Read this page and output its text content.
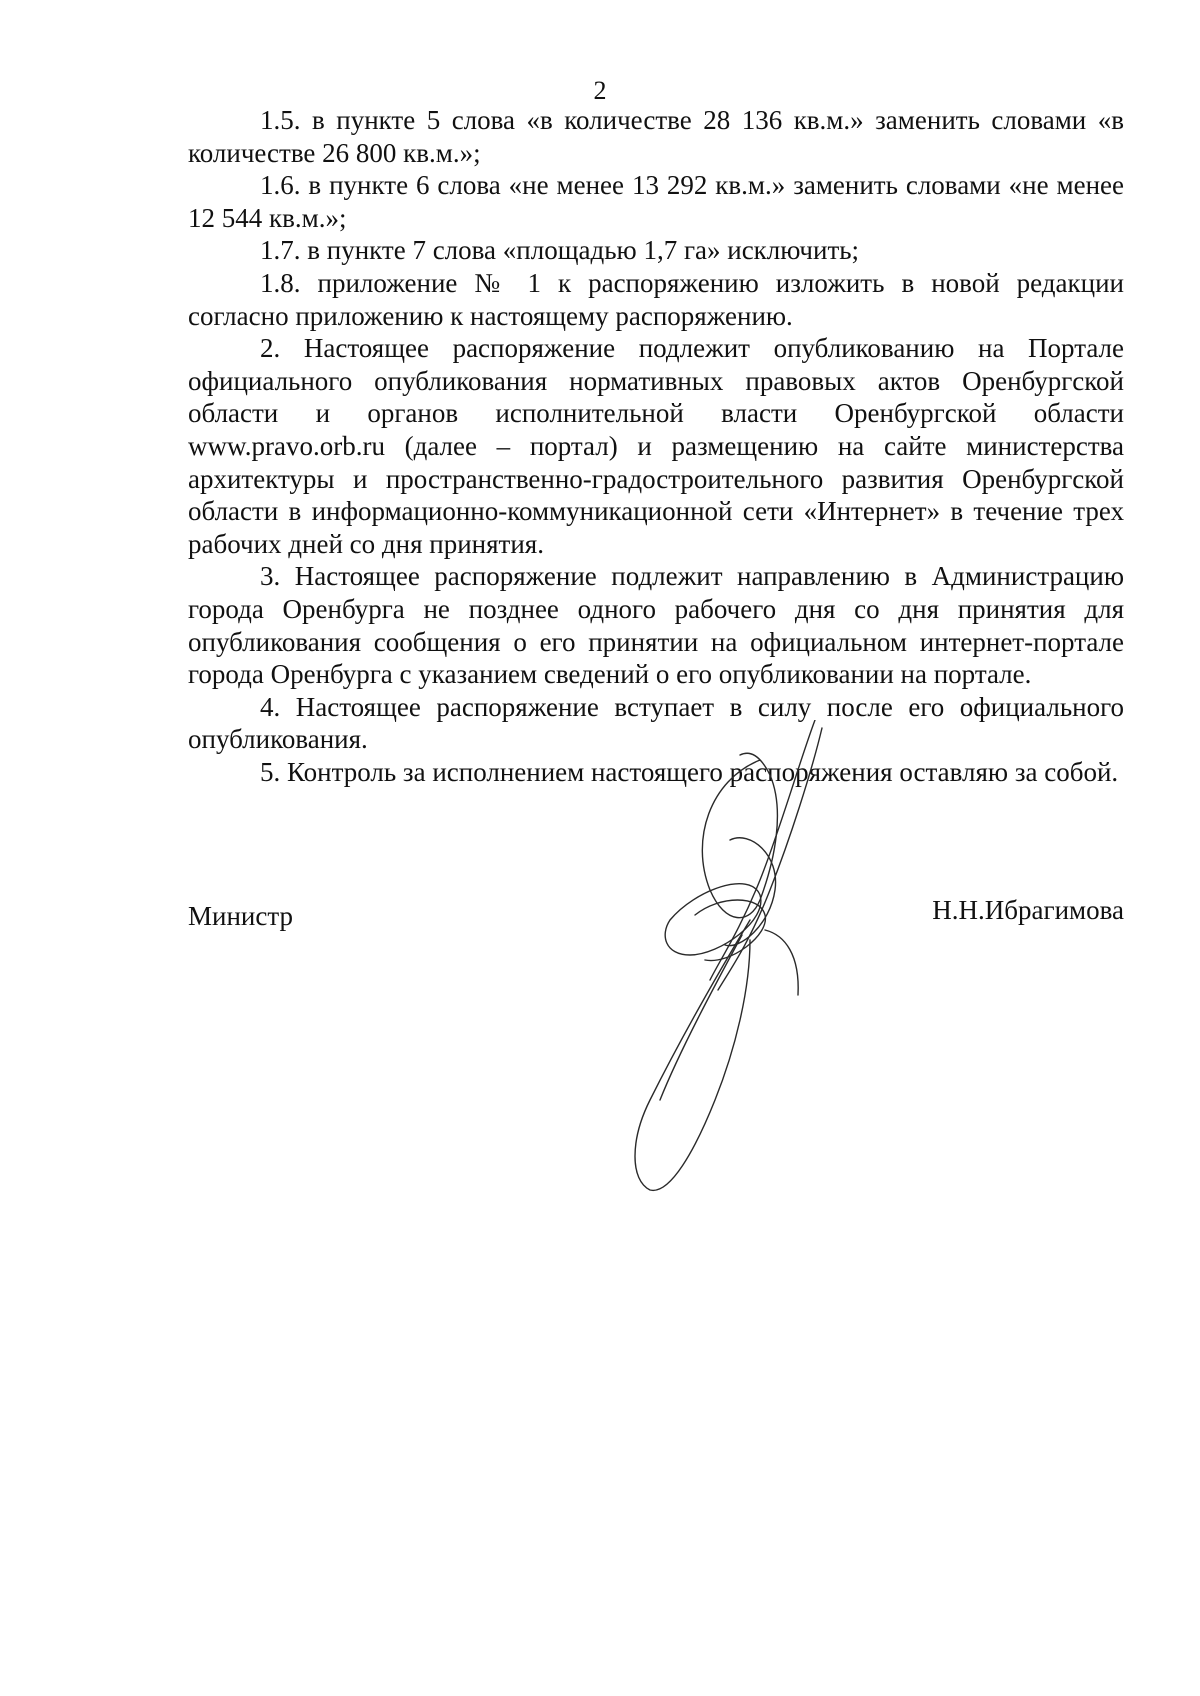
2

1.5. в пункте 5 слова «в количестве 28 136 кв.м.» заменить словами «в количестве 26 800 кв.м.»;

1.6. в пункте 6 слова «не менее 13 292 кв.м.» заменить словами «не менее 12 544 кв.м.»;

1.7. в пункте 7 слова «площадью 1,7 га» исключить;

1.8. приложение № 1 к распоряжению изложить в новой редакции согласно приложению к настоящему распоряжению.

2. Настоящее распоряжение подлежит опубликованию на Портале официального опубликования нормативных правовых актов Оренбургской области и органов исполнительной власти Оренбургской области www.pravo.orb.ru (далее – портал) и размещению на сайте министерства архитектуры и пространственно-градостроительного развития Оренбургской области в информационно-коммуникационной сети «Интернет» в течение трех рабочих дней со дня принятия.

3. Настоящее распоряжение подлежит направлению в Администрацию города Оренбурга не позднее одного рабочего дня со дня принятия для опубликования сообщения о его принятии на официальном интернет-портале города Оренбурга с указанием сведений о его опубликовании на портале.

4. Настоящее распоряжение вступает в силу после его официального опубликования.

5. Контроль за исполнением настоящего распоряжения оставляю за собой.

Министр	Н.Н.Ибрагимова
